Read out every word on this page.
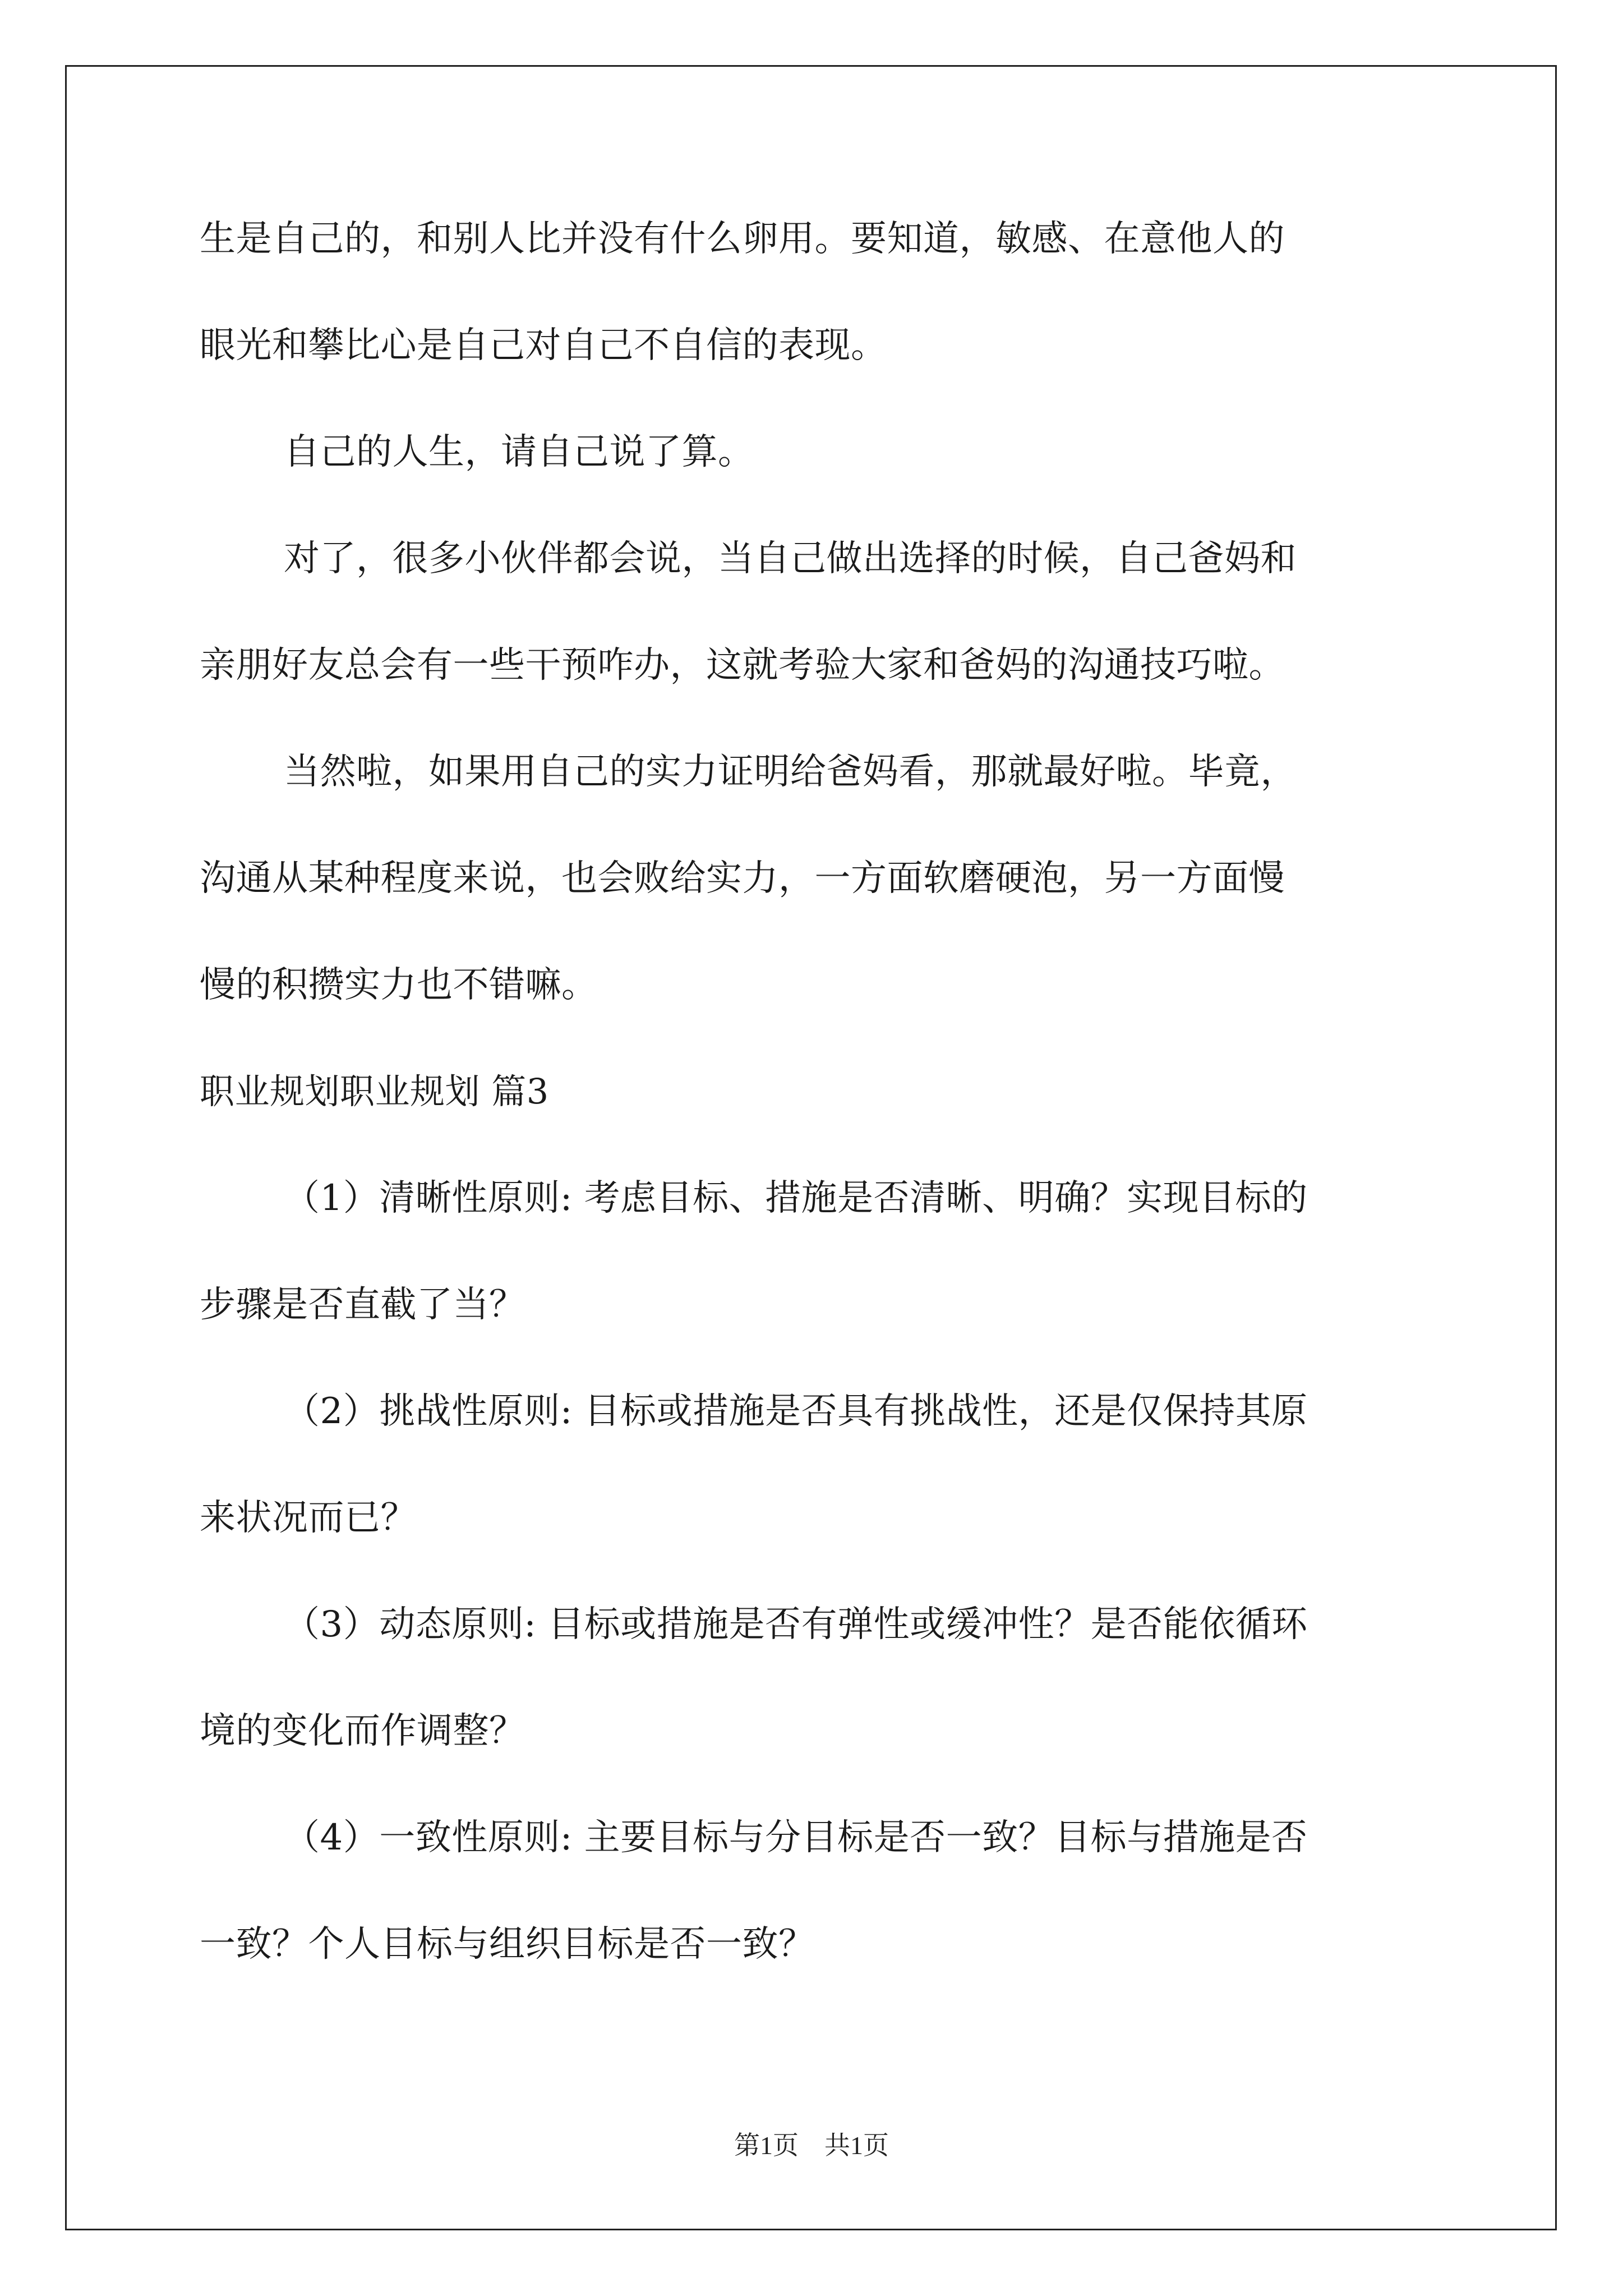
生是自己的，和别人比并没有什么卵用。要知道，敏感、在意他人的
眼光和攀比心是自己对自己不自信的表现。
自己的人生，请自己说了算。
对了，很多小伙伴都会说，当自己做出选择的时候，自己爸妈和
亲朋好友总会有一些干预咋办，这就考验大家和爸妈的沟通技巧啦。
当然啦，如果用自己的实力证明给爸妈看，那就最好啦。毕竟，
沟通从某种程度来说，也会败给实力，一方面软磨硬泡，另一方面慢
慢的积攒实力也不错嘛。
职业规划职业规划 篇3
（1）清晰性原则: 考虑目标、措施是否清晰、明确？实现目标的
步骤是否直截了当？
（2）挑战性原则: 目标或措施是否具有挑战性，还是仅保持其原
来状况而已？
（3）动态原则: 目标或措施是否有弹性或缓冲性？是否能依循环
境的变化而作调整？
（4）一致性原则: 主要目标与分目标是否一致？目标与措施是否
一致？个人目标与组织目标是否一致？
第1页　共1页
